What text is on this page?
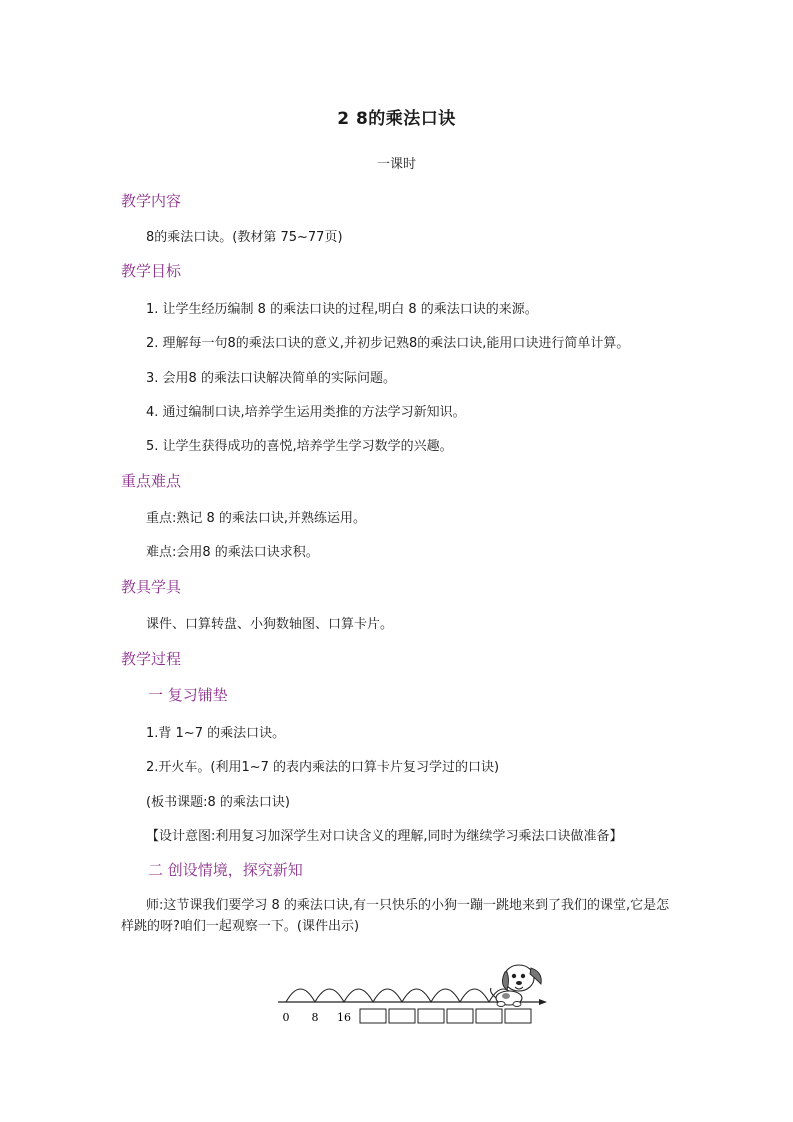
2 8的乘法口诀
一课时
教学内容
8的乘法口诀。(教材第 75~77页)
教学目标
1. 让学生经历编制 8 的乘法口诀的过程,明白 8 的乘法口诀的来源。
2. 理解每一句8的乘法口诀的意义,并初步记熟8的乘法口诀,能用口诀进行简单计算。
3. 会用8 的乘法口诀解决简单的实际问题。
4. 通过编制口诀,培养学生运用类推的方法学习新知识。
5. 让学生获得成功的喜悦,培养学生学习数学的兴趣。
重点难点
重点:熟记 8 的乘法口诀,并熟练运用。
难点:会用8 的乘法口诀求积。
教具学具
课件、口算转盘、小狗数轴图、口算卡片。
教学过程
一 复习铺垫
1.背 1~7 的乘法口诀。
2.开火车。(利用1~7 的表内乘法的口算卡片复习学过的口诀)
(板书课题:8 的乘法口诀)
【设计意图:利用复习加深学生对口诀含义的理解,同时为继续学习乘法口诀做准备】
二 创设情境，探究新知
师:这节课我们要学习 8 的乘法口诀,有一只快乐的小狗一蹦一跳地来到了我们的课堂,它是怎样跳的呀?咱们一起观察一下。(课件出示)
0 8 16
